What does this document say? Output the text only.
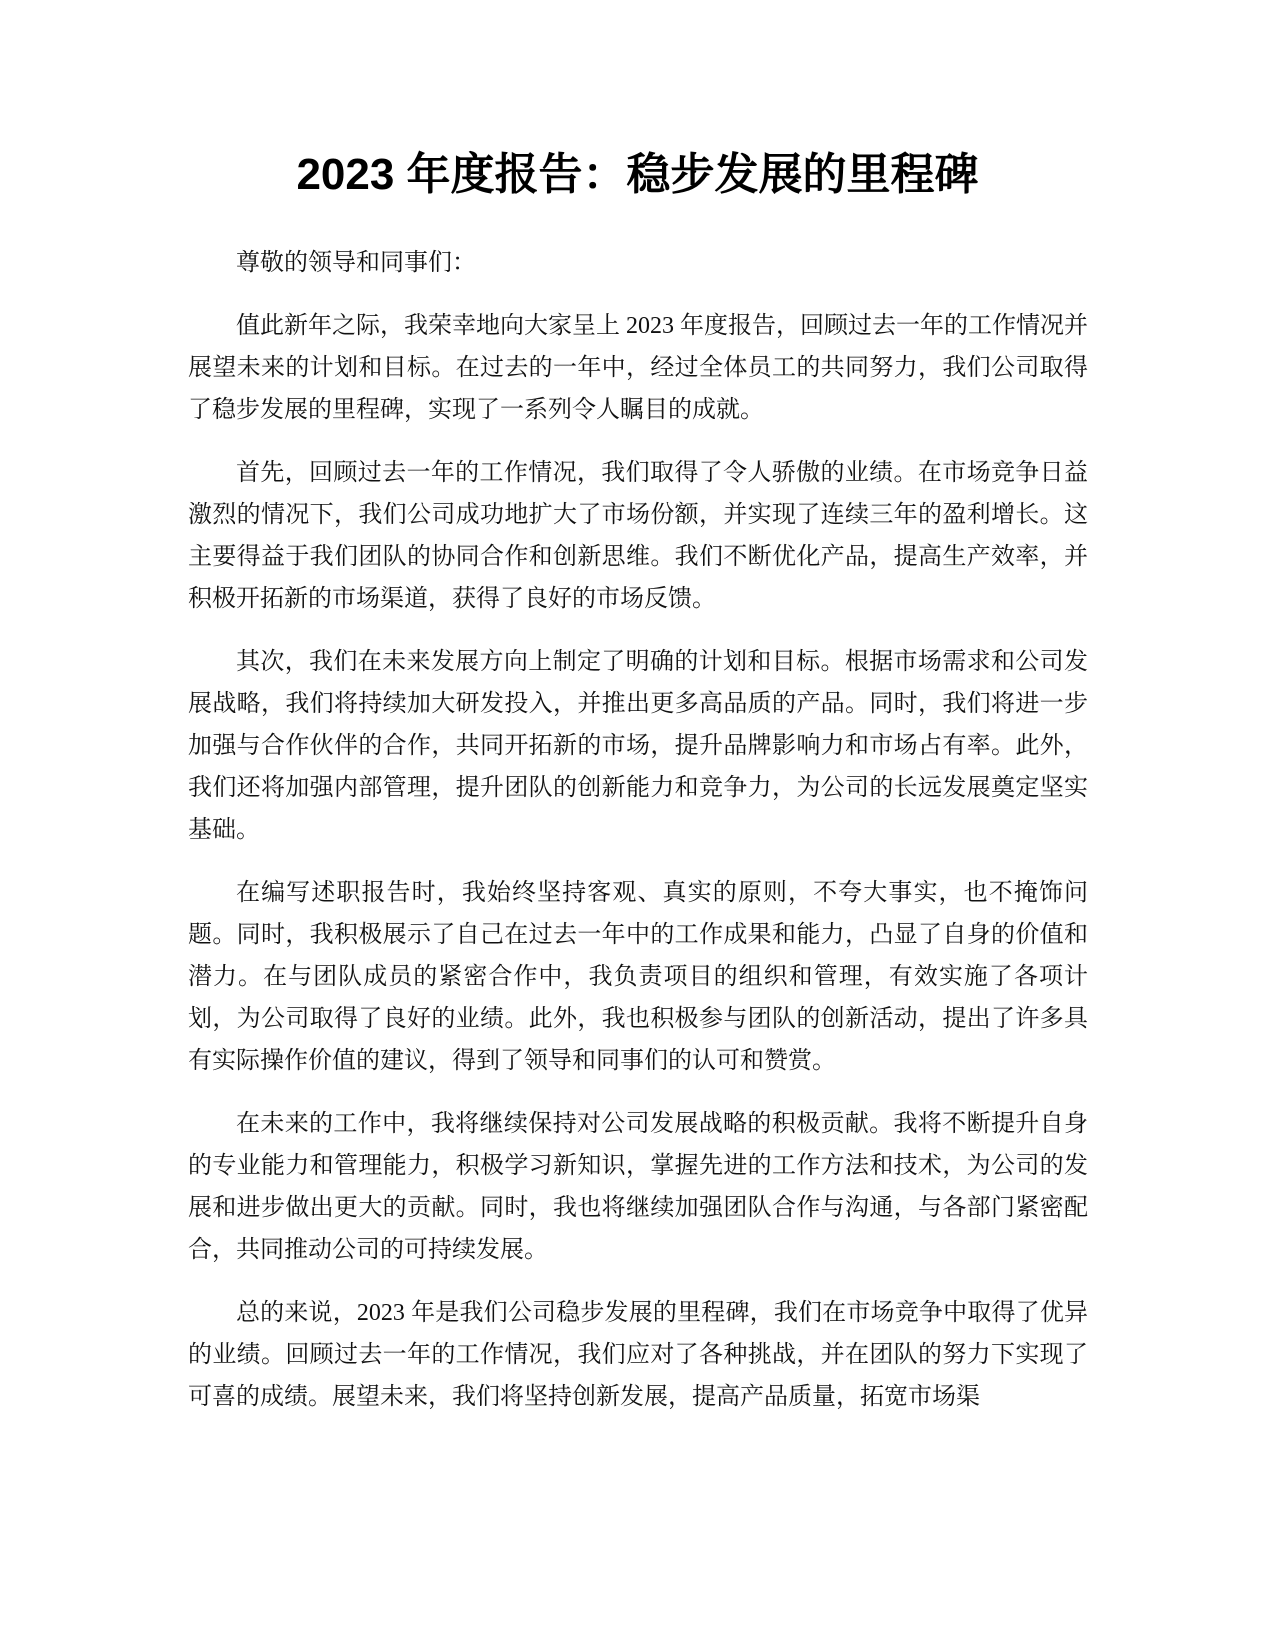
2023 年度报告：稳步发展的里程碑

尊敬的领导和同事们：

值此新年之际，我荣幸地向大家呈上 2023 年度报告，回顾过去一年的工作情况并展望未来的计划和目标。在过去的一年中，经过全体员工的共同努力，我们公司取得了稳步发展的里程碑，实现了一系列令人瞩目的成就。

首先，回顾过去一年的工作情况，我们取得了令人骄傲的业绩。在市场竞争日益激烈的情况下，我们公司成功地扩大了市场份额，并实现了连续三年的盈利增长。这主要得益于我们团队的协同合作和创新思维。我们不断优化产品，提高生产效率，并积极开拓新的市场渠道，获得了良好的市场反馈。

其次，我们在未来发展方向上制定了明确的计划和目标。根据市场需求和公司发展战略，我们将持续加大研发投入，并推出更多高品质的产品。同时，我们将进一步加强与合作伙伴的合作，共同开拓新的市场，提升品牌影响力和市场占有率。此外，我们还将加强内部管理，提升团队的创新能力和竞争力，为公司的长远发展奠定坚实基础。

在编写述职报告时，我始终坚持客观、真实的原则，不夸大事实，也不掩饰问题。同时，我积极展示了自己在过去一年中的工作成果和能力，凸显了自身的价值和潜力。在与团队成员的紧密合作中，我负责项目的组织和管理，有效实施了各项计划，为公司取得了良好的业绩。此外，我也积极参与团队的创新活动，提出了许多具有实际操作价值的建议，得到了领导和同事们的认可和赞赏。

在未来的工作中，我将继续保持对公司发展战略的积极贡献。我将不断提升自身的专业能力和管理能力，积极学习新知识，掌握先进的工作方法和技术，为公司的发展和进步做出更大的贡献。同时，我也将继续加强团队合作与沟通，与各部门紧密配合，共同推动公司的可持续发展。

总的来说，2023 年是我们公司稳步发展的里程碑，我们在市场竞争中取得了优异的业绩。回顾过去一年的工作情况，我们应对了各种挑战，并在团队的努力下实现了可喜的成绩。展望未来，我们将坚持创新发展，提高产品质量，拓宽市场渠
